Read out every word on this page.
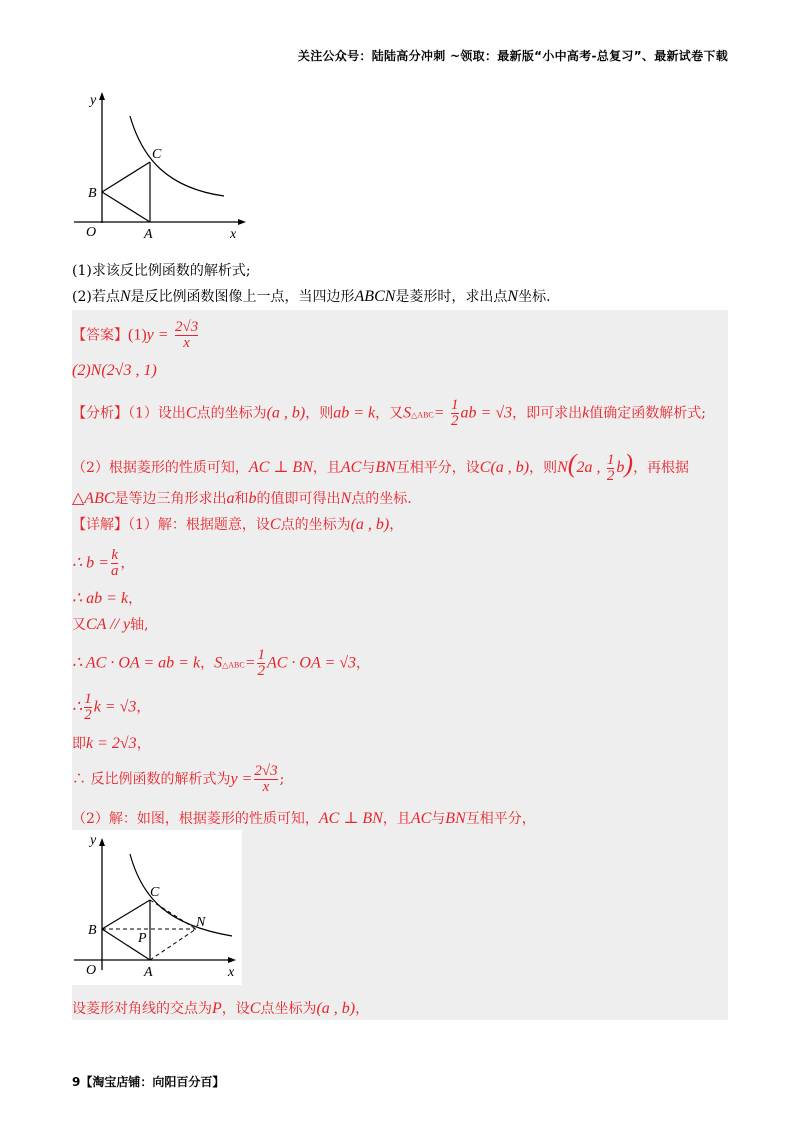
关注公众号：陆陆高分冲刺 ~领取：最新版“小中高考-总复习”、最新试卷下载
y
x
O	A
B
C
(1)求该反比例函数的解析式;
(2)若点N是反比例函数图像上一点，当四边形ABCN是菱形时，求出点N坐标.
【答案】$(1)y = \frac{2√3}{x}$
(2)N(2√3 , 1)
【分析】（1）设出C点的坐标为(a , b)，则ab = k，又S△ABC= $\frac{1}{2}$ ab = √3，即可求出k值确定函数解析式;
（2）根据菱形的性质可知，AC ⊥ BN，且AC与BN互相平分，设C(a , b)，则N(2a , $\frac{1}{2} b$)，再根据
△ABC是等边三角形求出a和b的值即可得出N点的坐标.
【详解】（1）解：根据题意，设C点的坐标为(a , b)，
∴ $b = \frac{k}{a}$ ，
∴ ab = k，
又CA // y轴,
∴ AC · OA = ab = k，S△ABC= $\frac{1}{2}$ AC · OA = √3，
∴ $\frac{1}{2}$ k = √3，
即k = 2√3，
∴ 反比例函数的解析式为$y = \frac{2√3}{x}$ ;
（2）解：如图，根据菱形的性质可知，AC ⊥ BN，且AC与BN互相平分，
y
x
O	A
B
C
N
P
设菱形对角线的交点为P，设C点坐标为(a , b)，
9【淘宝店铺：向阳百分百】
